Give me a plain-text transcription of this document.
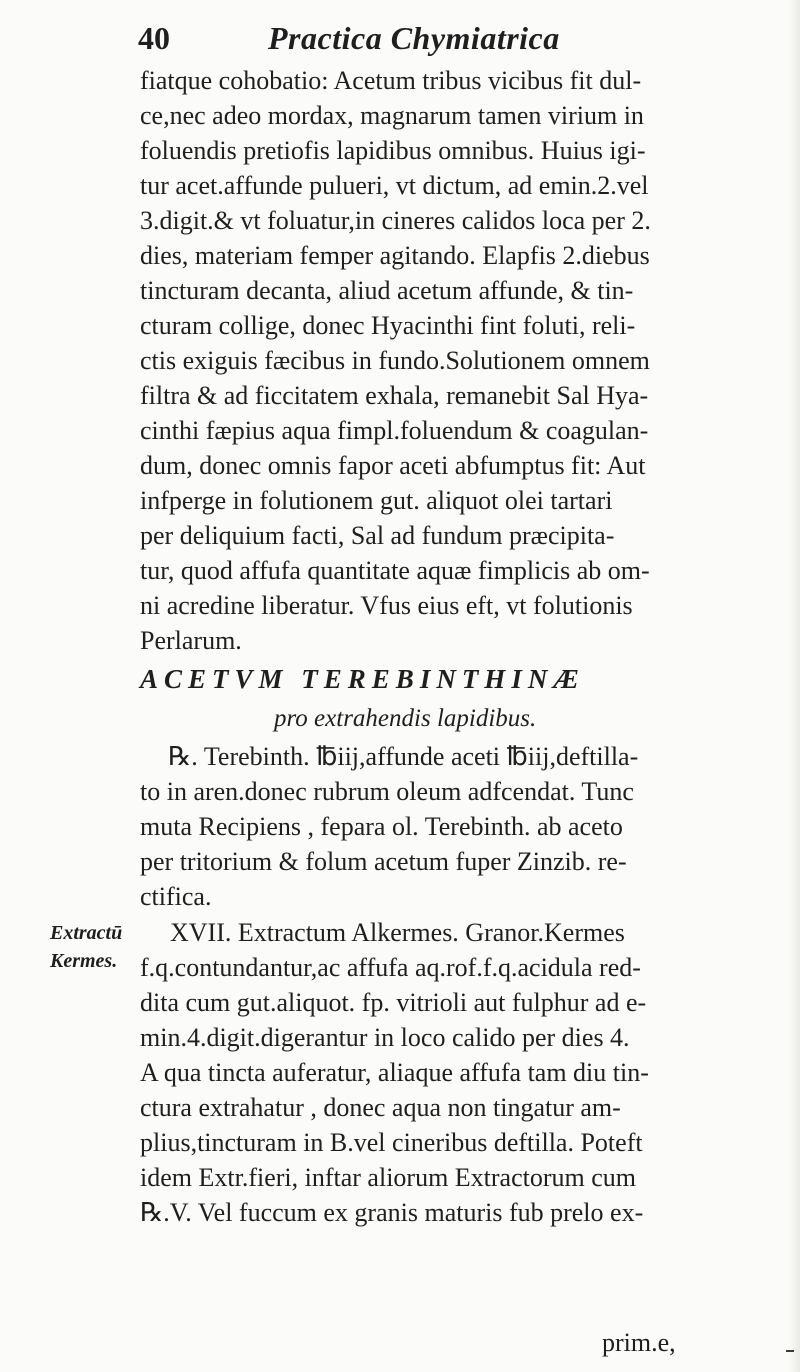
40	Practica Chymiatrica
fiatque cohobatio: Acetum tribus vicibus fit dul-
ce,nec adeo mordax, magnarum tamen virium in
foluendis pretiofis lapidibus omnibus. Huius igi-
tur acet.affunde pulueri, vt dictum, ad emin.2.vel
3.digit.& vt foluatur,in cineres calidos loca per 2.
dies, materiam femper agitando. Elapfis 2.diebus
tincturam decanta, aliud acetum affunde, & tin-
cturam collige, donec Hyacinthi fint foluti, reli-
ctis exiguis fæcibus in fundo.Solutionem omnem
filtra & ad ficcitatem exhala, remanebit Sal Hya-
cinthi fæpius aqua fimpl.foluendum & coagulan-
dum, donec omnis fapor aceti abfumptus fit: Aut
infperge in folutionem gut. aliquot olei tartari
per deliquium facti, Sal ad fundum præcipita-
tur, quod affufa quantitate aquæ fimplicis ab om-
ni acredine liberatur. Vfus eius eft, vt folutionis
Perlarum.
ACETVM TEREBINTHINÆ
pro extrahendis lapidibus.
℞. Terebinth. ℔iij,affunde aceti ℔iij,deftilla-
to in aren.donec rubrum oleum adfcendat. Tunc
muta Recipiens , fepara ol. Terebinth. ab aceto
per tritorium & folum acetum fuper Zinzib. re-
ctifica.
XVII. Extractum Alkermes. Granor.Kermes
f.q.contundantur,ac affufa aq.rof.f.q.acidula red-
dita cum gut.aliquot. fp. vitrioli aut fulphur ad e-
min.4.digit.digerantur in loco calido per dies 4.
A qua tincta auferatur, aliaque affufa tam diu tin-
ctura extrahatur , donec aqua non tingatur am-
plius,tincturam in B.vel cineribus deftilla. Poteft
idem Extr.fieri, inftar aliorum Extractorum cum
℞.V. Vel fuccum ex granis maturis fub prelo ex-
Extractū
Kermes.
prim.e,
